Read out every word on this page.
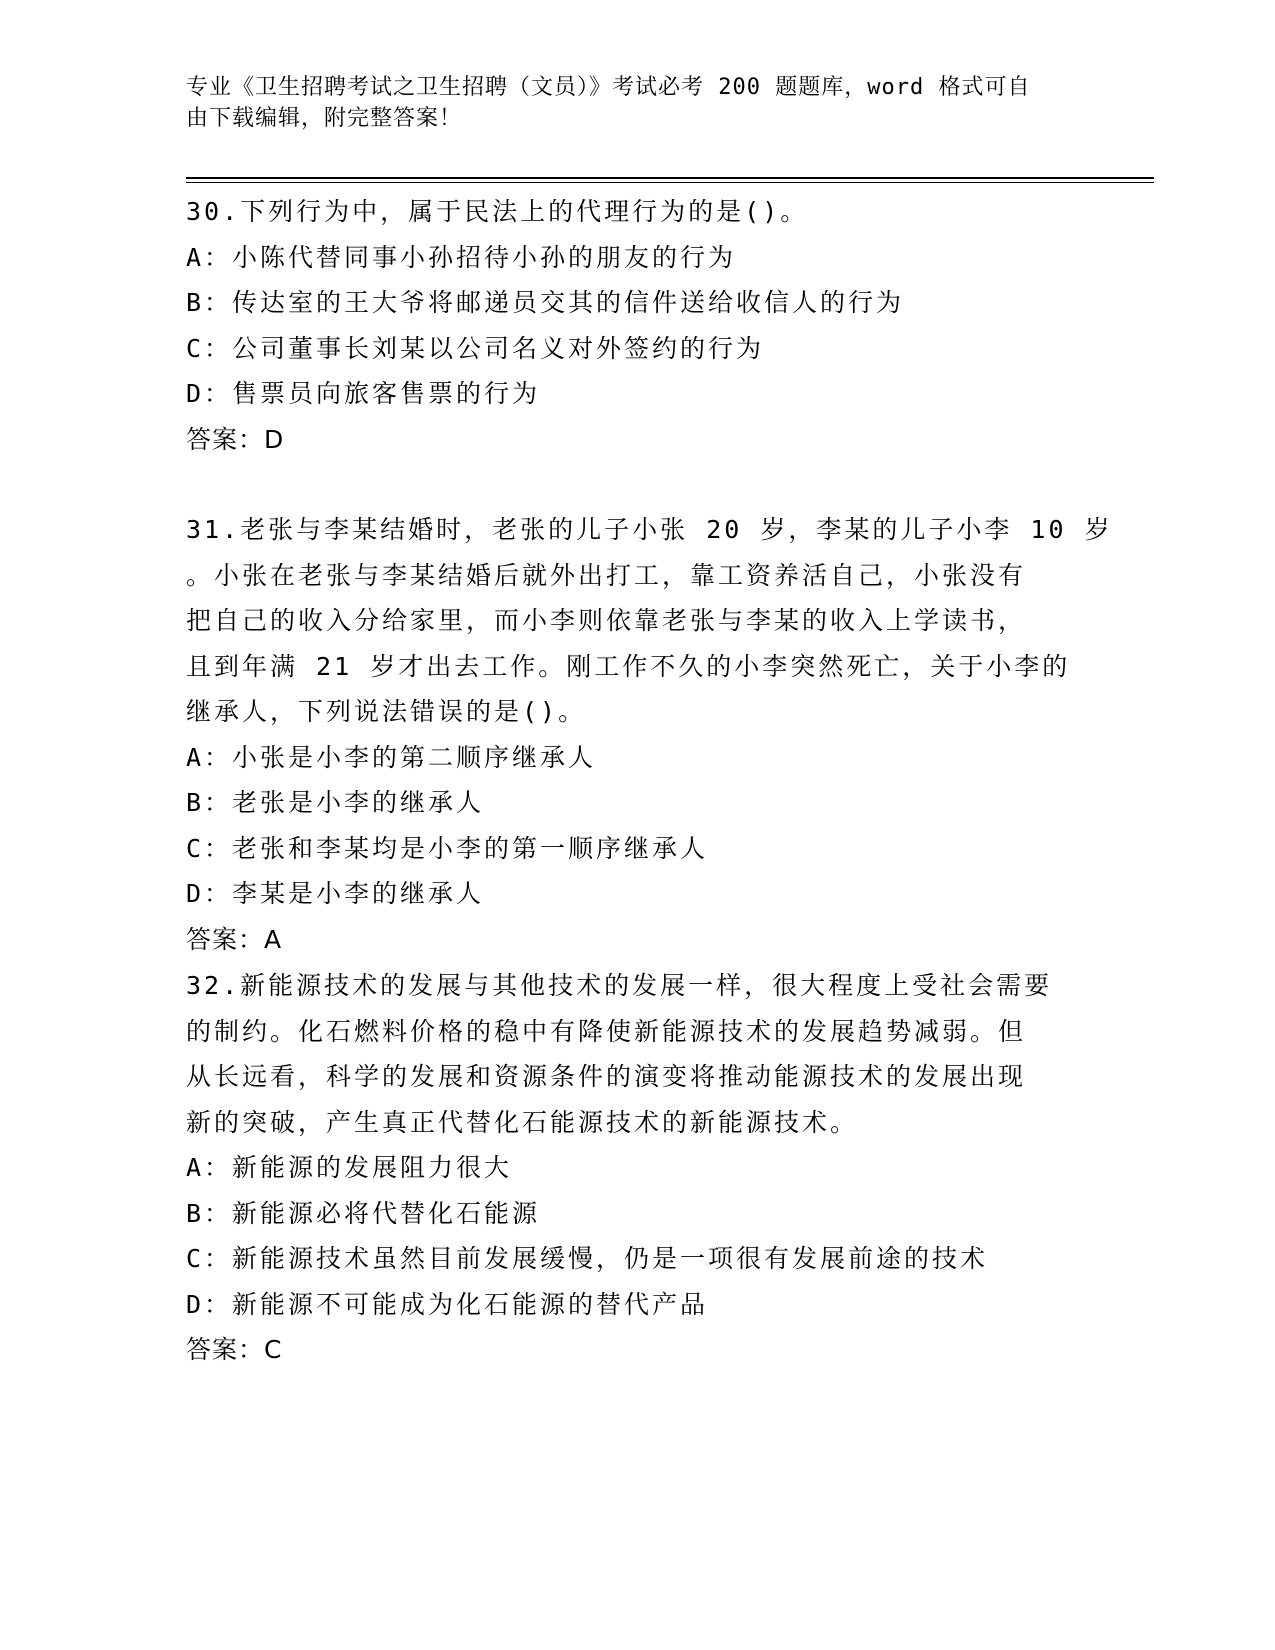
专业《卫生招聘考试之卫生招聘（文员）》考试必考 200 题题库，word 格式可自
由下载编辑，附完整答案！
30.下列行为中，属于民法上的代理行为的是()。
A：小陈代替同事小孙招待小孙的朋友的行为
B：传达室的王大爷将邮递员交其的信件送给收信人的行为
C：公司董事长刘某以公司名义对外签约的行为
D：售票员向旅客售票的行为
答案：D
31.老张与李某结婚时，老张的儿子小张 20 岁，李某的儿子小李 10 岁
。小张在老张与李某结婚后就外出打工，靠工资养活自己，小张没有
把自己的收入分给家里，而小李则依靠老张与李某的收入上学读书，
且到年满 21 岁才出去工作。刚工作不久的小李突然死亡，关于小李的
继承人，下列说法错误的是()。
A：小张是小李的第二顺序继承人
B：老张是小李的继承人
C：老张和李某均是小李的第一顺序继承人
D：李某是小李的继承人
答案：A
32.新能源技术的发展与其他技术的发展一样，很大程度上受社会需要
的制约。化石燃料价格的稳中有降使新能源技术的发展趋势减弱。但
从长远看，科学的发展和资源条件的演变将推动能源技术的发展出现
新的突破，产生真正代替化石能源技术的新能源技术。
A：新能源的发展阻力很大
B：新能源必将代替化石能源
C：新能源技术虽然目前发展缓慢，仍是一项很有发展前途的技术
D：新能源不可能成为化石能源的替代产品
答案：C
